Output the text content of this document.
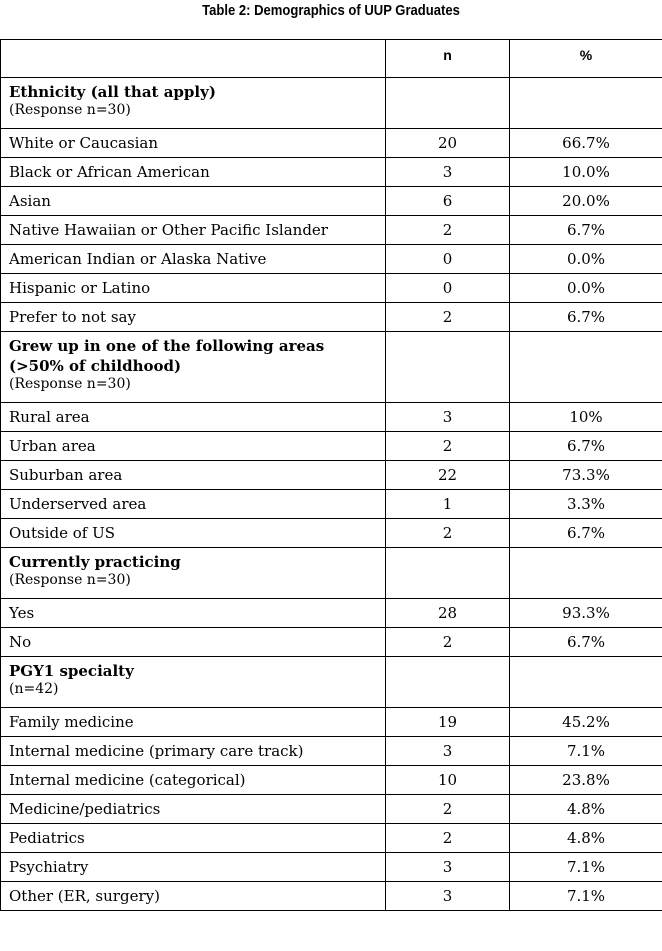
Table 2: Demographics of UUP Graduates
	n	%

Ethnicity (all that apply)
(Response n=30)		

White or Caucasian	20	66.7%
Black or African American	3	10.0%
Asian	6	20.0%
Native Hawaiian or Other Pacific Islander	2	6.7%
American Indian or Alaska Native	0	0.0%
Hispanic or Latino	0	0.0%
Prefer to not say	2	6.7%

Grew up in one of the following areas (>50% of childhood)
(Response n=30)		

Rural area	3	10%
Urban area	2	6.7%
Suburban area	22	73.3%
Underserved area	1	3.3%
Outside of US	2	6.7%

Currently practicing
(Response n=30)		

Yes	28	93.3%
No	2	6.7%

PGY1 specialty
(n=42)		

Family medicine	19	45.2%
Internal medicine (primary care track)	3	7.1%
Internal medicine (categorical)	10	23.8%
Medicine/pediatrics	2	4.8%
Pediatrics	2	4.8%
Psychiatry	3	7.1%
Other (ER, surgery)	3	7.1%
